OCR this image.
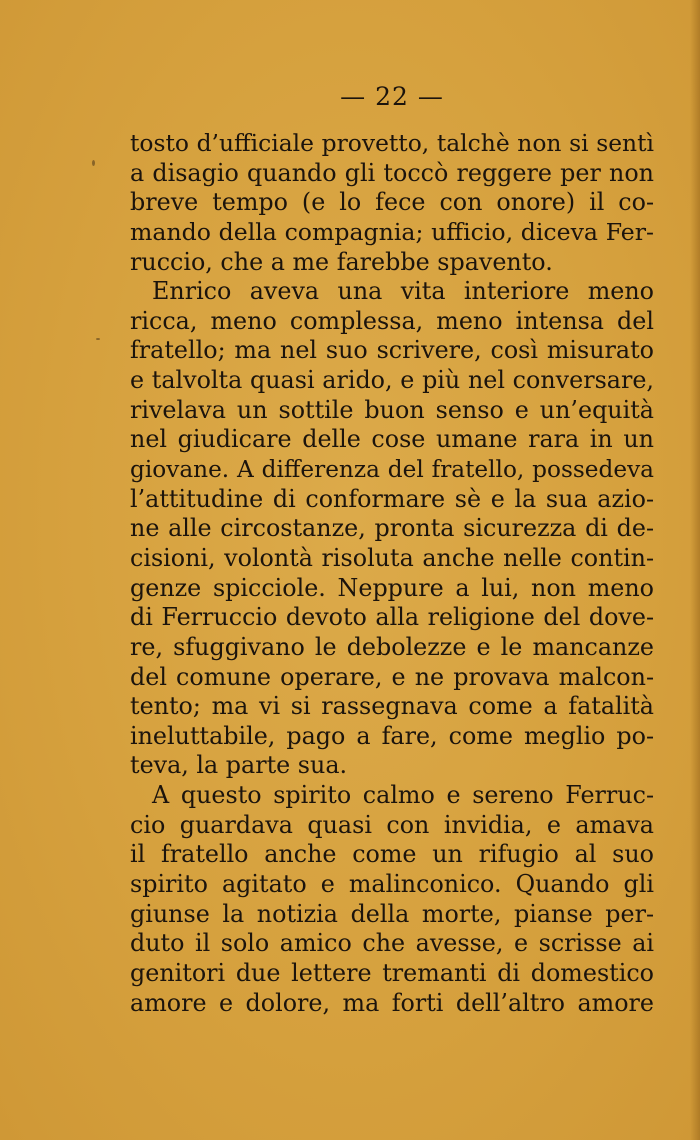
— 22 —
tosto d’ufficiale provetto, talchè non si sentì
a disagio quando gli toccò reggere per non
breve tempo (e lo fece con onore) il co-
mando della compagnia; ufficio, diceva Fer-
ruccio, che a me farebbe spavento.
Enrico aveva una vita interiore meno
ricca, meno complessa, meno intensa del
fratello; ma nel suo scrivere, così misurato
e talvolta quasi arido, e più nel conversare,
rivelava un sottile buon senso e un’equità
nel giudicare delle cose umane rara in un
giovane. A differenza del fratello, possedeva
l’attitudine di conformare sè e la sua azio-
ne alle circostanze, pronta sicurezza di de-
cisioni, volontà risoluta anche nelle contin-
genze spicciole. Neppure a lui, non meno
di Ferruccio devoto alla religione del dove-
re, sfuggivano le debolezze e le mancanze
del comune operare, e ne provava malcon-
tento; ma vi si rassegnava come a fatalità
ineluttabile, pago a fare, come meglio po-
teva, la parte sua.
A questo spirito calmo e sereno Ferruc-
cio guardava quasi con invidia, e amava
il fratello anche come un rifugio al suo
spirito agitato e malinconico. Quando gli
giunse la notizia della morte, pianse per-
duto il solo amico che avesse, e scrisse ai
genitori due lettere tremanti di domestico
amore e dolore, ma forti dell’altro amore
